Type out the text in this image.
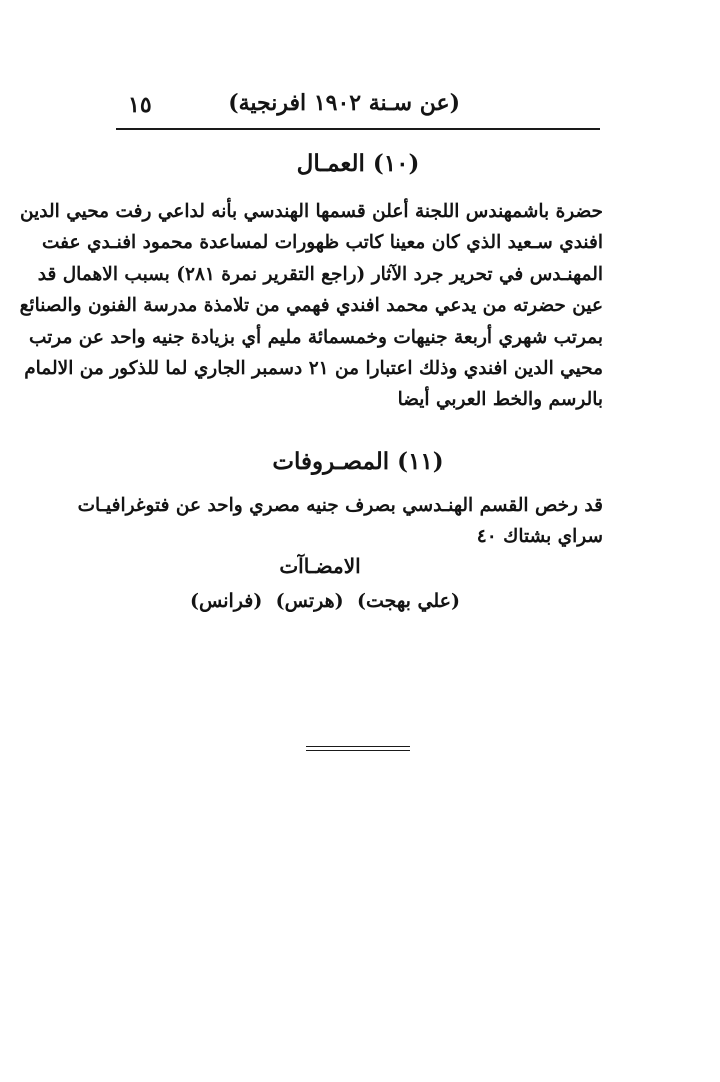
١٥	(عن سـنة ١٩٠٢ افرنجية)
(١٠) العمـال
حضرة باشمهندس اللجنة أعلن قسمها الهندسي بأنه لداعي رفت محيي الدين
افندي سـعيد الذي كان معينا كاتب ظهورات لمساعدة محمود افنـدي عفت
المهنـدس في تحرير جرد الآثار (راجع التقرير نمرة ٢٨١) بسبب الاهمال قد
عين حضرته من يدعي محمد افندي فهمي من تلامذة مدرسة الفنون والصنائع
بمرتب شهري أربعة جنيهات وخمسمائة مليم أي بزيادة جنيه واحد عن مرتب
محيي الدين افندي وذلك اعتبارا من ٢١ دسمبر الجاري لما للذكور من الالمام
بالرسم والخط العربي أيضا
(١١) المصـروفات
قد رخص القسم الهنـدسي بصرف جنيه مصري واحد عن فتوغرافيـات
سراي بشتاك ٤٠
الامضـاآت
(علي بهجت)
(هرتس)
(فرانس)
